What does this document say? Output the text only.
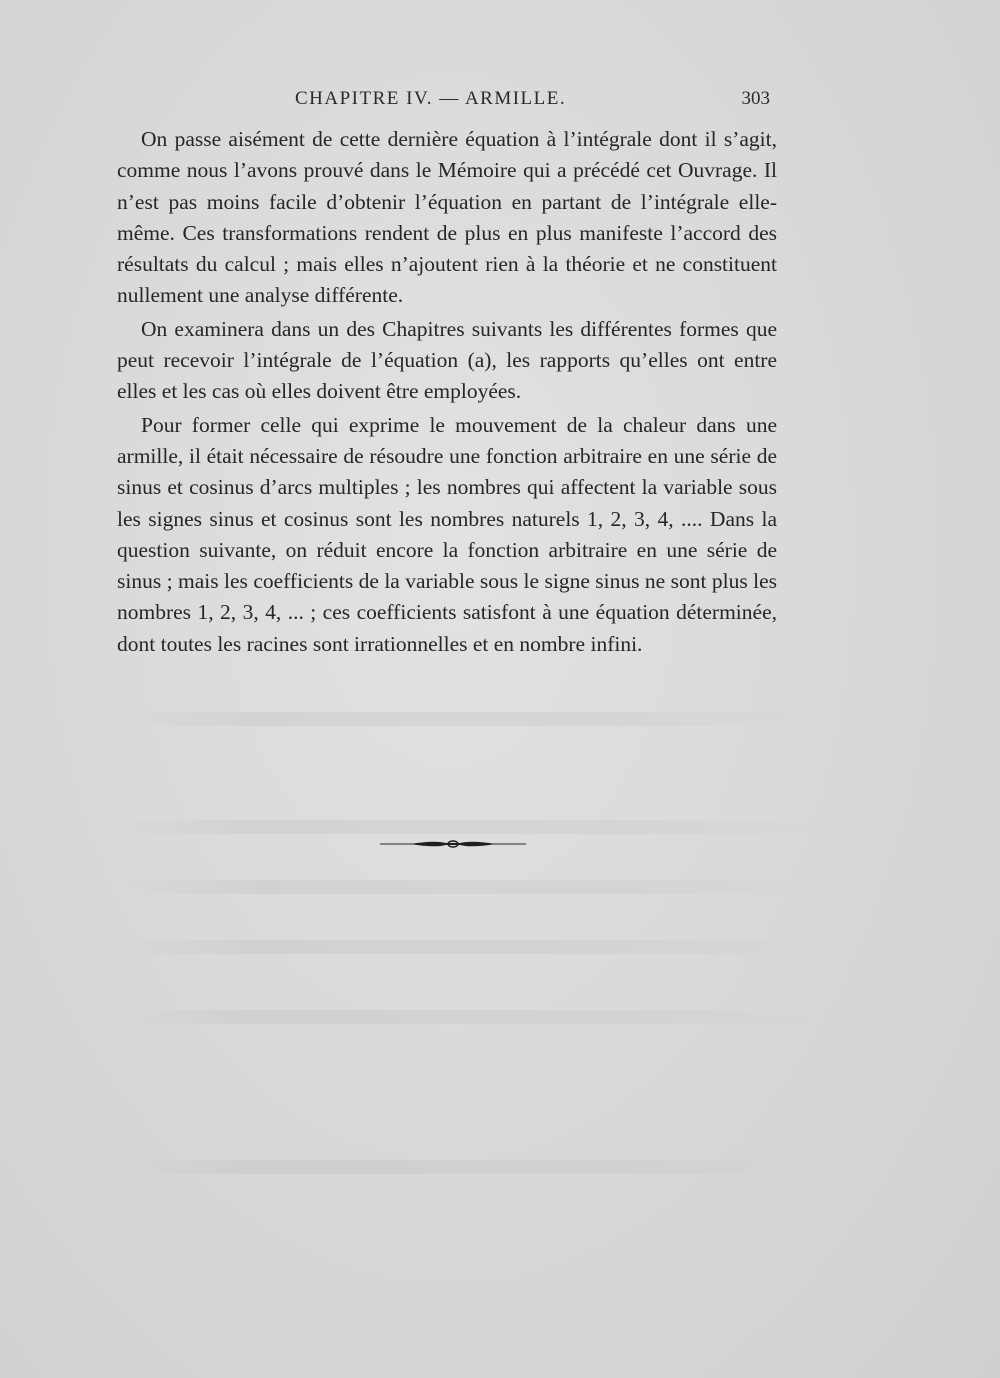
CHAPITRE IV. — ARMILLE.	303

On passe aisément de cette dernière équation à l’intégrale dont il s’agit, comme nous l’avons prouvé dans le Mémoire qui a précédé cet Ouvrage. Il n’est pas moins facile d’obtenir l’équation en partant de l’intégrale elle-même. Ces transformations rendent de plus en plus manifeste l’accord des résultats du calcul ; mais elles n’ajoutent rien à la théorie et ne constituent nullement une analyse différente.

On examinera dans un des Chapitres suivants les différentes formes que peut recevoir l’intégrale de l’équation (a), les rapports qu’elles ont entre elles et les cas où elles doivent être employées.

Pour former celle qui exprime le mouvement de la chaleur dans une armille, il était nécessaire de résoudre une fonction arbitraire en une série de sinus et cosinus d’arcs multiples ; les nombres qui affectent la variable sous les signes sinus et cosinus sont les nombres naturels 1, 2, 3, 4, .... Dans la question suivante, on réduit encore la fonction arbitraire en une série de sinus ; mais les coefficients de la variable sous le signe sinus ne sont plus les nombres 1, 2, 3, 4, ... ; ces coefficients satisfont à une équation déterminée, dont toutes les racines sont irrationnelles et en nombre infini.
